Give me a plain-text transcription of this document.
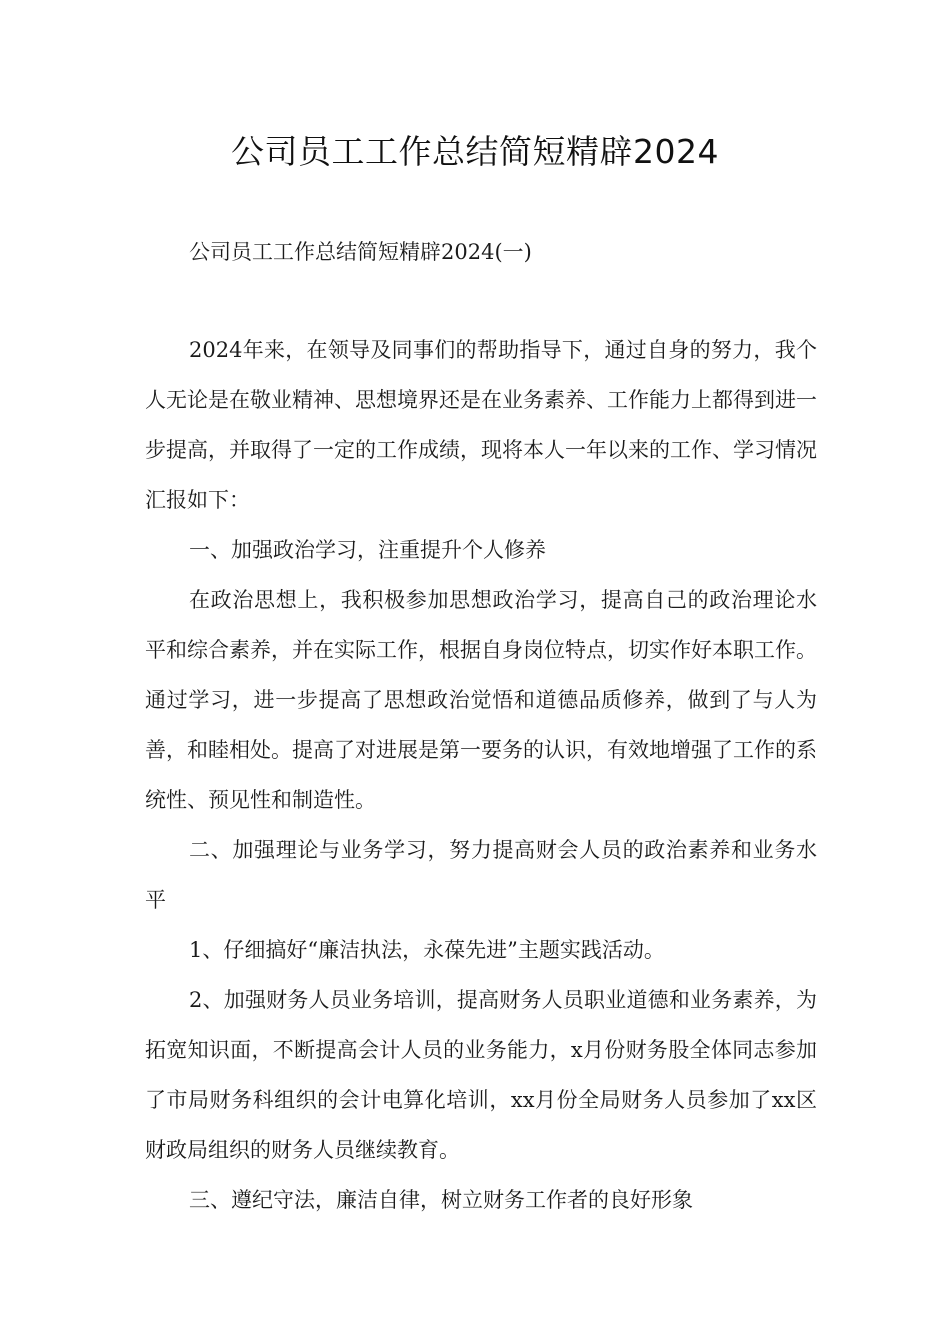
公司员工工作总结简短精辟2024

公司员工工作总结简短精辟2024(一)

2024年来，在领导及同事们的帮助指导下，通过自身的努力，我个人无论是在敬业精神、思想境界还是在业务素养、工作能力上都得到进一步提高，并取得了一定的工作成绩，现将本人一年以来的工作、学习情况汇报如下：

一、加强政治学习，注重提升个人修养

在政治思想上，我积极参加思想政治学习，提高自己的政治理论水平和综合素养，并在实际工作，根据自身岗位特点，切实作好本职工作。通过学习，进一步提高了思想政治觉悟和道德品质修养，做到了与人为善，和睦相处。提高了对进展是第一要务的认识，有效地增强了工作的系统性、预见性和制造性。

二、加强理论与业务学习，努力提高财会人员的政治素养和业务水平

1、仔细搞好“廉洁执法，永葆先进”主题实践活动。

2、加强财务人员业务培训，提高财务人员职业道德和业务素养，为拓宽知识面，不断提高会计人员的业务能力，x月份财务股全体同志参加了市局财务科组织的会计电算化培训，xx月份全局财务人员参加了xx区财政局组织的财务人员继续教育。

三、遵纪守法，廉洁自律，树立财务工作者的良好形象
